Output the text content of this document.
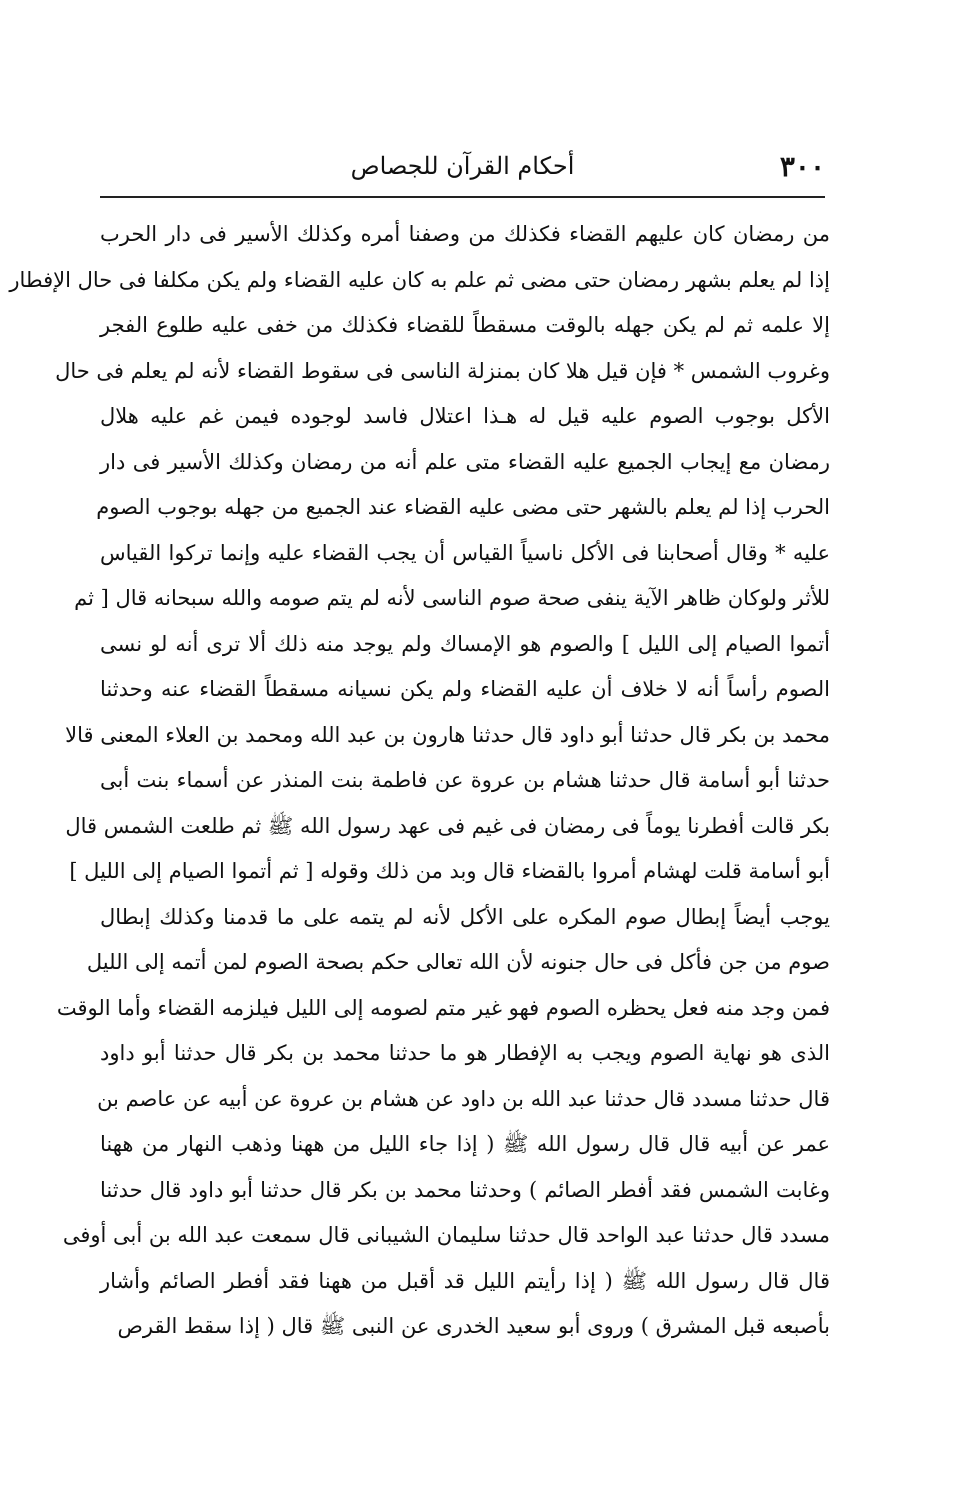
٣٠٠
أحكام القرآن للجصاص
من رمضان كان عليهم القضاء فكذلك من وصفنا أمره وكذلك الأسير فى دار الحرب
إذا لم يعلم بشهر رمضان حتى مضى ثم علم به كان عليه القضاء ولم يكن مكلفا فى حال الإفطار
إلا علمه ثم لم يكن جهله بالوقت مسقطاً للقضاء فكذلك من خفى عليه طلوع الفجر
وغروب الشمس * فإن قيل هلا كان بمنزلة الناسى فى سقوط القضاء لأنه لم يعلم فى حال
الأكل بوجوب الصوم عليه قيل له هـذا اعتلال فاسد لوجوده فيمن غم عليه هلال
رمضان مع إيجاب الجميع عليه القضاء متى علم أنه من رمضان وكذلك الأسير فى دار
الحرب إذا لم يعلم بالشهر حتى مضى عليه القضاء عند الجميع من جهله بوجوب الصوم
عليه * وقال أصحابنا فى الأكل ناسياً القياس أن يجب القضاء عليه وإنما تركوا القياس
للأثر ولوكان ظاهر الآية ينفى صحة صوم الناسى لأنه لم يتم صومه والله سبحانه قال [ ثم
أتموا الصيام إلى الليل ] والصوم هو الإمساك ولم يوجد منه ذلك ألا ترى أنه لو نسى
الصوم رأساً أنه لا خلاف أن عليه القضاء ولم يكن نسيانه مسقطاً القضاء عنه وحدثنا
محمد بن بكر قال حدثنا أبو داود قال حدثنا هارون بن عبد الله ومحمد بن العلاء المعنى قالا
حدثنا أبو أسامة قال حدثنا هشام بن عروة عن فاطمة بنت المنذر عن أسماء بنت أبى
بكر قالت أفطرنا يوماً فى رمضان فى غيم فى عهد رسول الله ﷺ ثم طلعت الشمس قال
أبو أسامة قلت لهشام أمروا بالقضاء قال وبد من ذلك وقوله [ ثم أتموا الصيام إلى الليل ]
يوجب أيضاً إبطال صوم المكره على الأكل لأنه لم يتمه على ما قدمنا وكذلك إبطال
صوم من جن فأكل فى حال جنونه لأن الله تعالى حكم بصحة الصوم لمن أتمه إلى الليل
فمن وجد منه فعل يحظره الصوم فهو غير متم لصومه إلى الليل فيلزمه القضاء وأما الوقت
الذى هو نهاية الصوم ويجب به الإفطار هو ما حدثنا محمد بن بكر قال حدثنا أبو داود
قال حدثنا مسدد قال حدثنا عبد الله بن داود عن هشام بن عروة عن أبيه عن عاصم بن
عمر عن أبيه قال قال رسول الله ﷺ ( إذا جاء الليل من ههنا وذهب النهار من ههنا
وغابت الشمس فقد أفطر الصائم ) وحدثنا محمد بن بكر قال حدثنا أبو داود قال حدثنا
مسدد قال حدثنا عبد الواحد قال حدثنا سليمان الشيبانى قال سمعت عبد الله بن أبى أوفى
قال قال رسول الله ﷺ ( إذا رأيتم الليل قد أقبل من ههنا فقد أفطر الصائم وأشار
بأصبعه قبل المشرق ) وروى أبو سعيد الخدرى عن النبى ﷺ قال ( إذا سقط القرص
